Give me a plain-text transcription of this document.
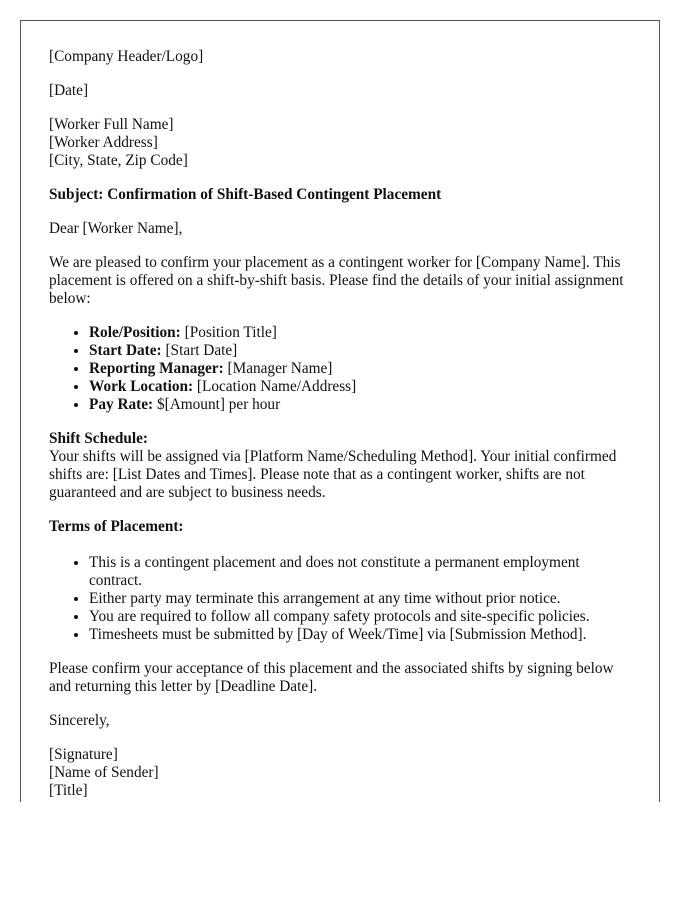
[Company Header/Logo]

[Date]

[Worker Full Name]

[Worker Address]

[City, State, Zip Code]

Subject: Confirmation of Shift-Based Contingent Placement

Dear [Worker Name],

We are pleased to confirm your placement as a contingent worker for [Company Name]. This placement is offered on a shift-by-shift basis. Please find the details of your initial assignment below:

• Role/Position: [Position Title]
• Start Date: [Start Date]
• Reporting Manager: [Manager Name]
• Work Location: [Location Name/Address]
• Pay Rate: $[Amount] per hour

Shift Schedule:

Your shifts will be assigned via [Platform Name/Scheduling Method]. Your initial confirmed shifts are: [List Dates and Times]. Please note that as a contingent worker, shifts are not guaranteed and are subject to business needs.

Terms of Placement:

• This is a contingent placement and does not constitute a permanent employment contract.
• Either party may terminate this arrangement at any time without prior notice.
• You are required to follow all company safety protocols and site-specific policies.
• Timesheets must be submitted by [Day of Week/Time] via [Submission Method].

Please confirm your acceptance of this placement and the associated shifts by signing below and returning this letter by [Deadline Date].

Sincerely,

[Signature]

[Name of Sender]

[Title]
